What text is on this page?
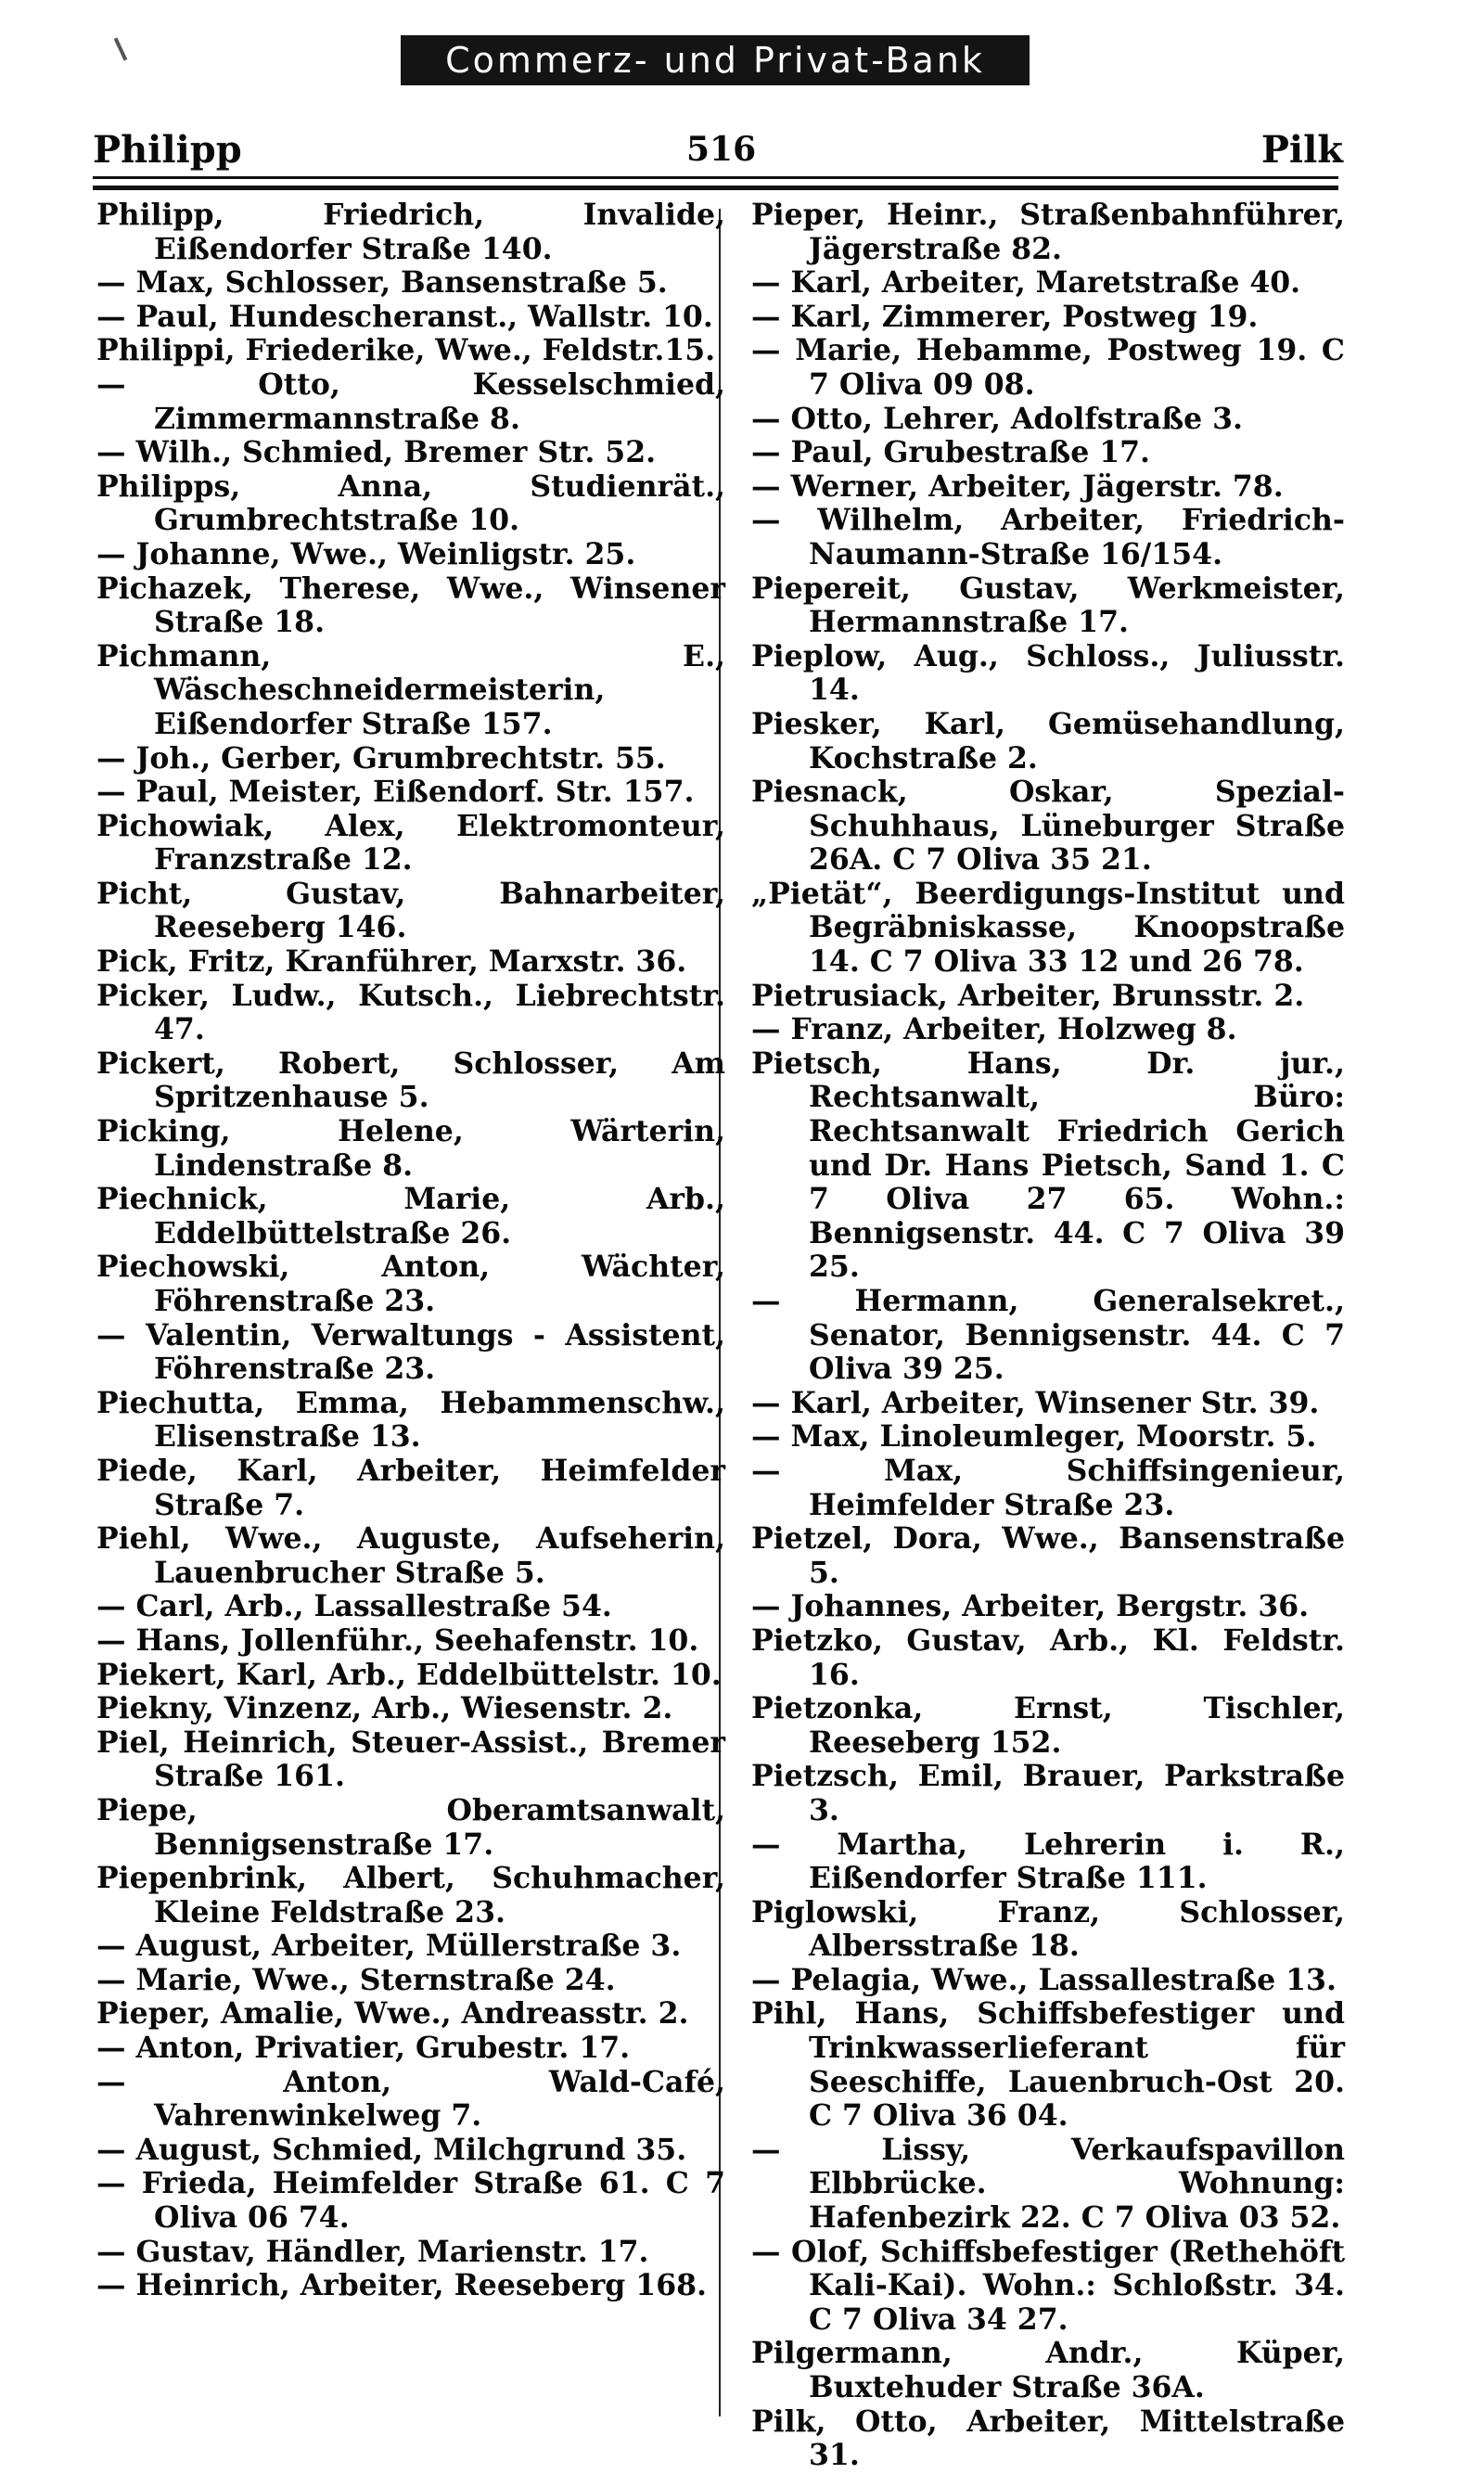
Commerz- und Privat-Bank
Philipp	516	Pilk

Philipp, Friedrich, Invalide, Eißendorfer Straße 140.

— Max, Schlosser, Bansenstraße 5.

— Paul, Hundescheranst., Wallstr. 10.

Philippi, Friederike, Wwe., Feldstr.15.

— Otto, Kesselschmied, Zimmermannstraße 8.

— Wilh., Schmied, Bremer Str. 52.

Philipps, Anna, Studienrät., Grumbrechtstraße 10.

— Johanne, Wwe., Weinligstr. 25.

Pichazek, Therese, Wwe., Winsener Straße 18.

Pichmann, E., Wäscheschneidermeisterin, Eißendorfer Straße 157.

— Joh., Gerber, Grumbrechtstr. 55.

— Paul, Meister, Eißendorf. Str. 157.

Pichowiak, Alex, Elektromonteur, Franzstraße 12.

Picht, Gustav, Bahnarbeiter, Reeseberg 146.

Pick, Fritz, Kranführer, Marxstr. 36.

Picker, Ludw., Kutsch., Liebrechtstr. 47.

Pickert, Robert, Schlosser, Am Spritzenhause 5.

Picking, Helene, Wärterin, Lindenstraße 8.

Piechnick, Marie, Arb., Eddelbüttelstraße 26.

Piechowski, Anton, Wächter, Föhrenstraße 23.

— Valentin, Verwaltungs - Assistent, Föhrenstraße 23.

Piechutta, Emma, Hebammenschw., Elisenstraße 13.

Piede, Karl, Arbeiter, Heimfelder Straße 7.

Piehl, Wwe., Auguste, Aufseherin, Lauenbrucher Straße 5.

— Carl, Arb., Lassallestraße 54.

— Hans, Jollenführ., Seehafenstr. 10.

Piekert, Karl, Arb., Eddelbüttelstr. 10.

Piekny, Vinzenz, Arb., Wiesenstr. 2.

Piel, Heinrich, Steuer-Assist., Bremer Straße 161.

Piepe, Oberamtsanwalt, Bennigsenstraße 17.

Piepenbrink, Albert, Schuhmacher, Kleine Feldstraße 23.

— August, Arbeiter, Müllerstraße 3.

— Marie, Wwe., Sternstraße 24.

Pieper, Amalie, Wwe., Andreasstr. 2.

— Anton, Privatier, Grubestr. 17.

— Anton, Wald-Café, Vahrenwinkelweg 7.

— August, Schmied, Milchgrund 35.

— Frieda, Heimfelder Straße 61. C 7 Oliva 06 74.

— Gustav, Händler, Marienstr. 17.

— Heinrich, Arbeiter, Reeseberg 168.

Pieper, Heinr., Straßenbahnführer, Jägerstraße 82.

— Karl, Arbeiter, Maretstraße 40.

— Karl, Zimmerer, Postweg 19.

— Marie, Hebamme, Postweg 19. C 7 Oliva 09 08.

— Otto, Lehrer, Adolfstraße 3.

— Paul, Grubestraße 17.

— Werner, Arbeiter, Jägerstr. 78.

— Wilhelm, Arbeiter, Friedrich-Naumann-Straße 16/154.

Piepereit, Gustav, Werkmeister, Hermannstraße 17.

Pieplow, Aug., Schloss., Juliusstr. 14.

Piesker, Karl, Gemüsehandlung, Kochstraße 2.

Piesnack, Oskar, Spezial-Schuhhaus, Lüneburger Straße 26A. C 7 Oliva 35 21.

„Pietät“, Beerdigungs-Institut und Begräbniskasse, Knoopstraße 14. C 7 Oliva 33 12 und 26 78.

Pietrusiack, Arbeiter, Brunsstr. 2.

— Franz, Arbeiter, Holzweg 8.

Pietsch, Hans, Dr. jur., Rechtsanwalt, Büro: Rechtsanwalt Friedrich Gerich und Dr. Hans Pietsch, Sand 1. C 7 Oliva 27 65. Wohn.: Bennigsenstr. 44. C 7 Oliva 39 25.

— Hermann, Generalsekret., Senator, Bennigsenstr. 44. C 7 Oliva 39 25.

— Karl, Arbeiter, Winsener Str. 39.

— Max, Linoleumleger, Moorstr. 5.

— Max, Schiffsingenieur, Heimfelder Straße 23.

Pietzel, Dora, Wwe., Bansenstraße 5.

— Johannes, Arbeiter, Bergstr. 36.

Pietzko, Gustav, Arb., Kl. Feldstr. 16.

Pietzonka, Ernst, Tischler, Reeseberg 152.

Pietzsch, Emil, Brauer, Parkstraße 3.

— Martha, Lehrerin i. R., Eißendorfer Straße 111.

Piglowski, Franz, Schlosser, Albersstraße 18.

— Pelagia, Wwe., Lassallestraße 13.

Pihl, Hans, Schiffsbefestiger und Trinkwasserlieferant für Seeschiffe, Lauenbruch-Ost 20. C 7 Oliva 36 04.

— Lissy, Verkaufspavillon Elbbrücke. Wohnung: Hafenbezirk 22. C 7 Oliva 03 52.

— Olof, Schiffsbefestiger (Rethehöft Kali-Kai). Wohn.: Schloßstr. 34. C 7 Oliva 34 27.

Pilgermann, Andr., Küper, Buxtehuder Straße 36A.

Pilk, Otto, Arbeiter, Mittelstraße 31.
